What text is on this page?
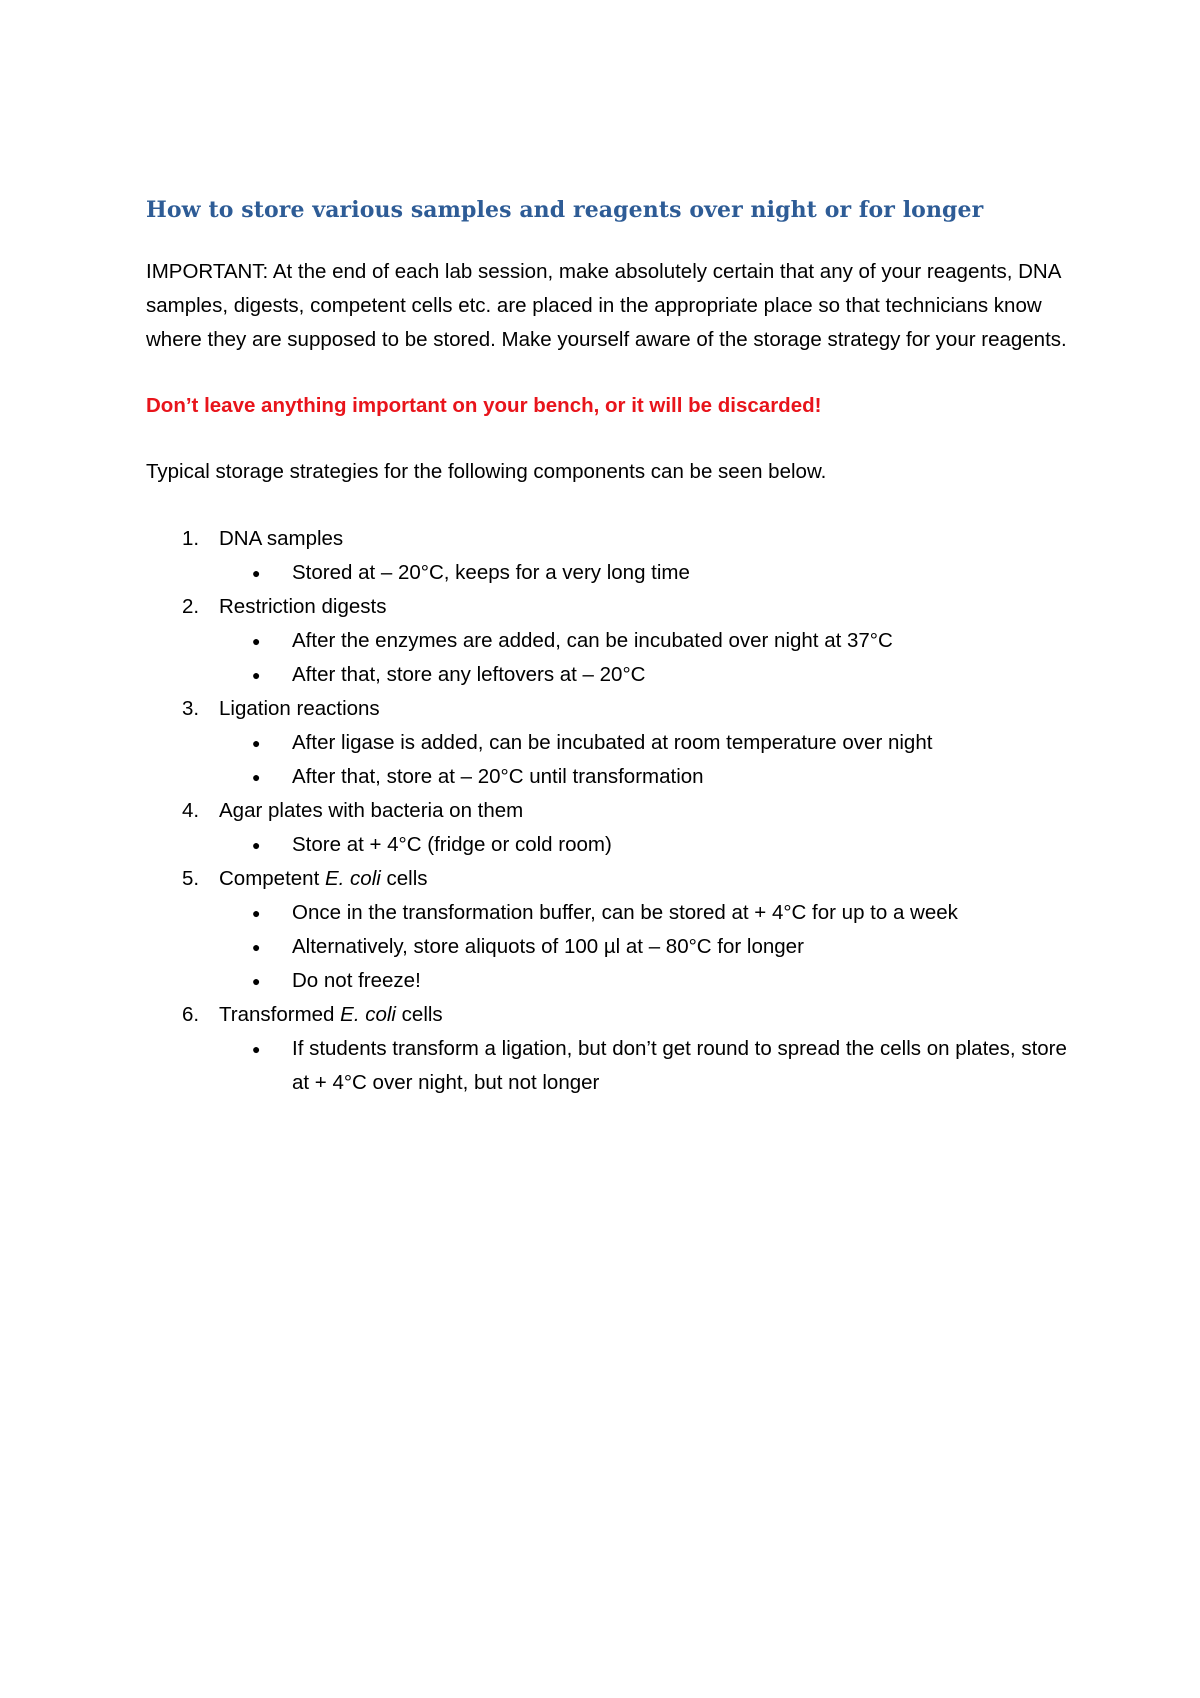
How to store various samples and reagents over night or for longer

IMPORTANT: At the end of each lab session, make absolutely certain that any of your reagents, DNA samples, digests, competent cells etc. are placed in the appropriate place so that technicians know where they are supposed to be stored. Make yourself aware of the storage strategy for your reagents.

Don’t leave anything important on your bench, or it will be discarded!

Typical storage strategies for the following components can be seen below.

1. DNA samples
●	Stored at – 20°C, keeps for a very long time
2. Restriction digests
●	After the enzymes are added, can be incubated over night at 37°C
●	After that, store any leftovers at – 20°C
3. Ligation reactions
●	After ligase is added, can be incubated at room temperature over night
●	After that, store at – 20°C until transformation
4. Agar plates with bacteria on them
●	Store at + 4°C (fridge or cold room)
5. Competent E. coli cells
●	Once in the transformation buffer, can be stored at + 4°C for up to a week
●	Alternatively, store aliquots of 100 µl at – 80°C for longer
●	Do not freeze!
6. Transformed E. coli cells
●	If students transform a ligation, but don’t get round to spread the cells on plates, store at + 4°C over night, but not longer
